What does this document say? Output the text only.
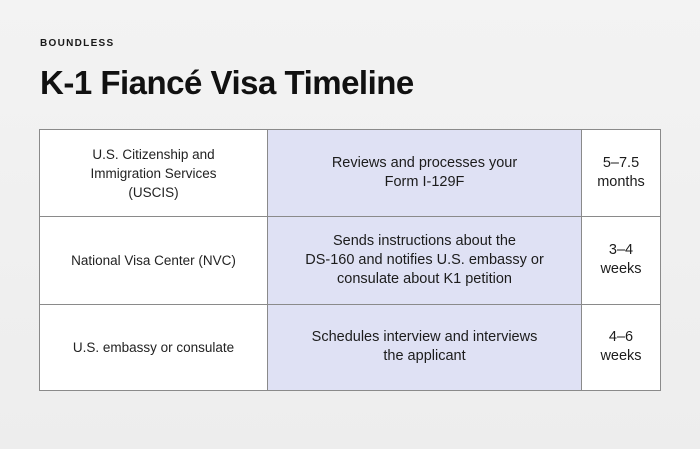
BOUNDLESS
K-1 Fiancé Visa Timeline
U.S. Citizenship and
Immigration Services
(USCIS)	Reviews and processes your
Form I-129F	5–7.5
months

National Visa Center (NVC)	Sends instructions about the
DS-160 and notifies U.S. embassy or
consulate about K1 petition	3–4
weeks

U.S. embassy or consulate	Schedules interview and interviews
the applicant	4–6
weeks
